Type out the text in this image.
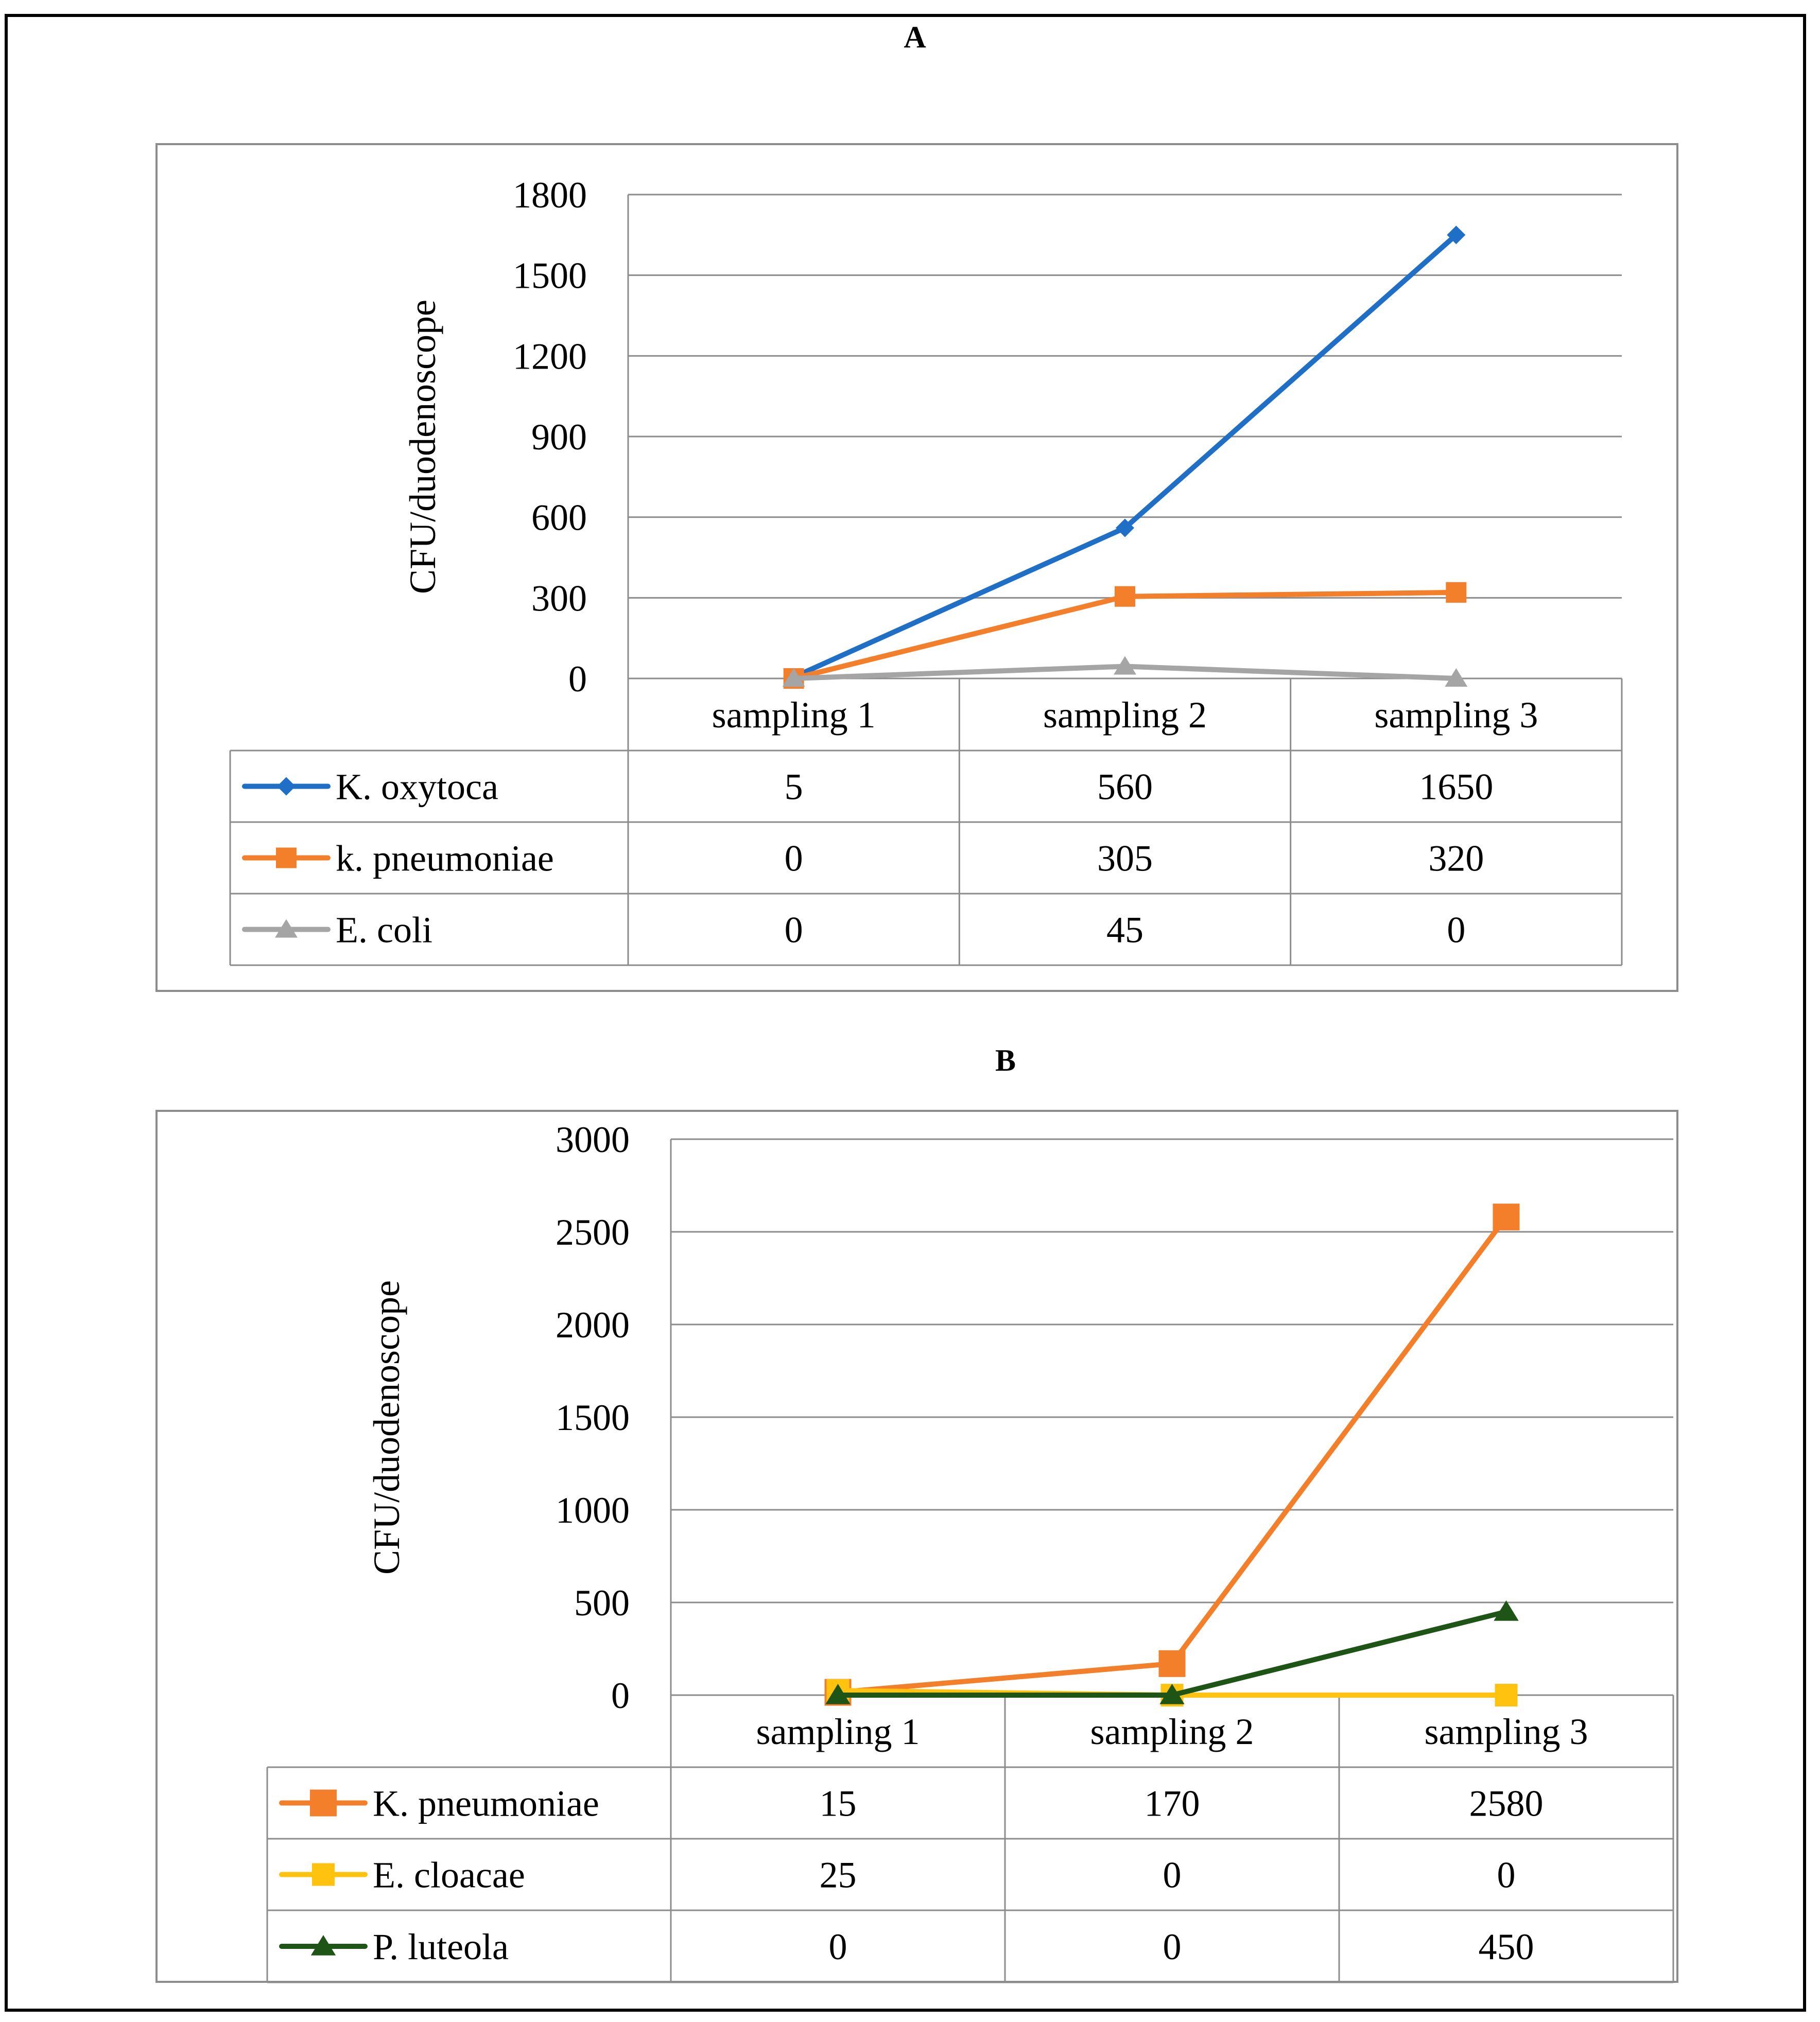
A
1800
1500
1200
900
600
300
0
CFU/duodenoscope
sampling 1	sampling 2	sampling 3
K. oxytoca	5	560	1650
k. pneumoniae	0	305	320
E. coli	0	45	0
B
3000
2500
2000
1500
1000
500
0
CFU/duodenoscope
sampling 1	sampling 2	sampling 3
K. pneumoniae	15	170	2580
E. cloacae	25	0	0
P. luteola	0	0	450
